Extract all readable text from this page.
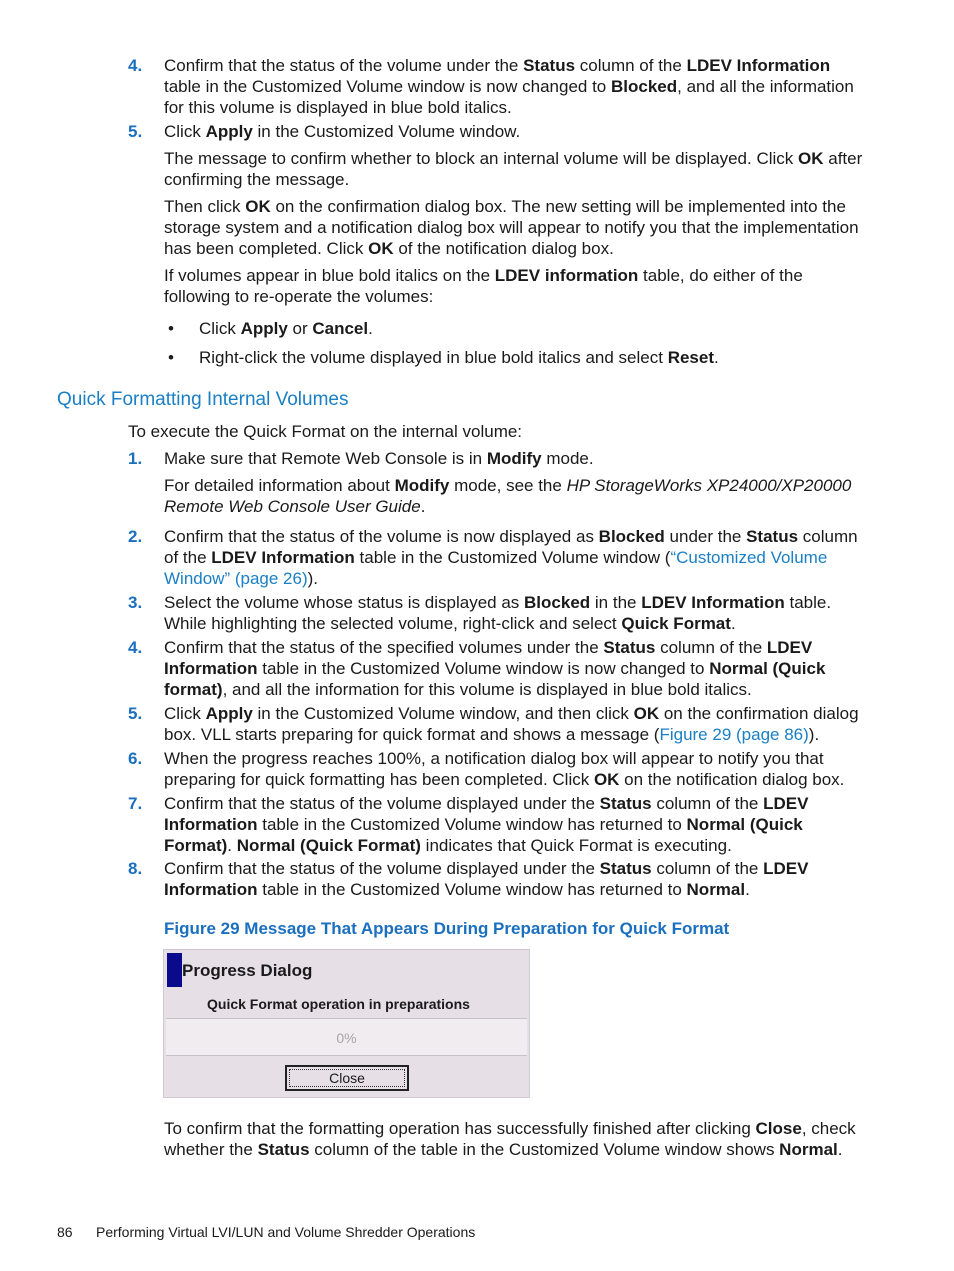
4. Confirm that the status of the volume under the Status column of the LDEV Information table in the Customized Volume window is now changed to Blocked, and all the information for this volume is displayed in blue bold italics.
5. Click Apply in the Customized Volume window.
The message to confirm whether to block an internal volume will be displayed. Click OK after confirming the message.
Then click OK on the confirmation dialog box. The new setting will be implemented into the storage system and a notification dialog box will appear to notify you that the implementation has been completed. Click OK of the notification dialog box.
If volumes appear in blue bold italics on the LDEV information table, do either of the following to re-operate the volumes:
• Click Apply or Cancel.
• Right-click the volume displayed in blue bold italics and select Reset.
Quick Formatting Internal Volumes
To execute the Quick Format on the internal volume:
1. Make sure that Remote Web Console is in Modify mode.
For detailed information about Modify mode, see the HP StorageWorks XP24000/XP20000 Remote Web Console User Guide.
2. Confirm that the status of the volume is now displayed as Blocked under the Status column of the LDEV Information table in the Customized Volume window (“Customized Volume Window” (page 26)).
3. Select the volume whose status is displayed as Blocked in the LDEV Information table. While highlighting the selected volume, right-click and select Quick Format.
4. Confirm that the status of the specified volumes under the Status column of the LDEV Information table in the Customized Volume window is now changed to Normal (Quick format), and all the information for this volume is displayed in blue bold italics.
5. Click Apply in the Customized Volume window, and then click OK on the confirmation dialog box. VLL starts preparing for quick format and shows a message (Figure 29 (page 86)).
6. When the progress reaches 100%, a notification dialog box will appear to notify you that preparing for quick formatting has been completed. Click OK on the notification dialog box.
7. Confirm that the status of the volume displayed under the Status column of the LDEV Information table in the Customized Volume window has returned to Normal (Quick Format). Normal (Quick Format) indicates that Quick Format is executing.
8. Confirm that the status of the volume displayed under the Status column of the LDEV Information table in the Customized Volume window has returned to Normal.
Figure 29 Message That Appears During Preparation for Quick Format
Progress Dialog
Quick Format operation in preparations
0%
Close
To confirm that the formatting operation has successfully finished after clicking Close, check whether the Status column of the table in the Customized Volume window shows Normal.
86 Performing Virtual LVI/LUN and Volume Shredder Operations
